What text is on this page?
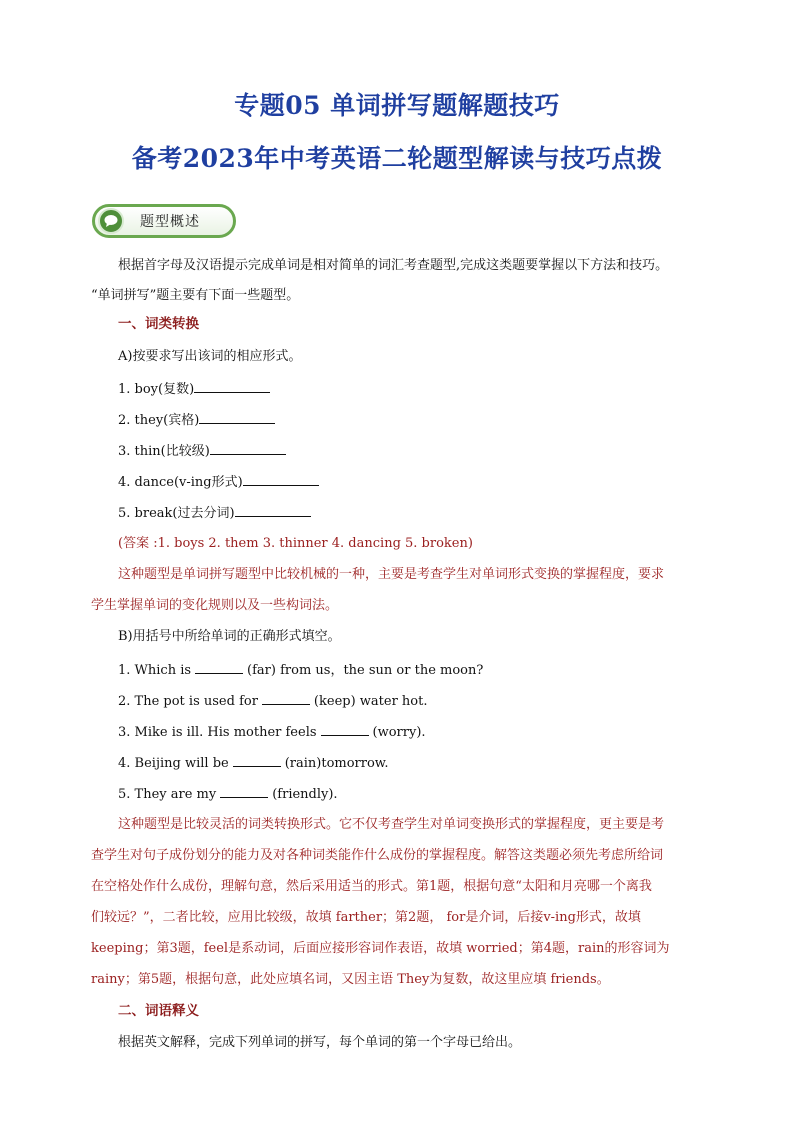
专题05 单词拼写题解题技巧
备考2023年中考英语二轮题型解读与技巧点拨
题型概述
根据首字母及汉语提示完成单词是相对简单的词汇考查题型,完成这类题要掌握以下方法和技巧。
“单词拼写”题主要有下面一些题型。
一、词类转换
A)按要求写出该词的相应形式。
1. boy(复数)
2. they(宾格)
3. thin(比较级)
4. dance(v-ing形式)
5. break(过去分词)
(答案 :1. boys 2. them 3. thinner 4. dancing 5. broken)
这种题型是单词拼写题型中比较机械的一种，主要是考查学生对单词形式变换的掌握程度，要求
学生掌握单词的变化规则以及一些构词法。
B)用括号中所给单词的正确形式填空。
1. Which is	(far) from us，the sun or the moon?
2. The pot is used for	(keep) water hot.
3. Mike is ill. His mother feels	(worry).
4. Beijing will be	(rain)tomorrow.
5. They are my	(friendly).
这种题型是比较灵活的词类转换形式。它不仅考查学生对单词变换形式的掌握程度，更主要是考
查学生对句子成份划分的能力及对各种词类能作什么成份的掌握程度。解答这类题必须先考虑所给词
在空格处作什么成份，理解句意，然后采用适当的形式。第1题，根据句意“太阳和月亮哪一个离我
们较远？”，二者比较，应用比较级，故填 farther；第2题， for是介词，后接v-ing形式，故填
keeping；第3题，feel是系动词，后面应接形容词作表语，故填 worried；第4题，rain的形容词为
rainy；第5题，根据句意，此处应填名词，又因主语 They为复数，故这里应填 friends。
二、词语释义
根据英文解释，完成下列单词的拼写，每个单词的第一个字母已给出。
